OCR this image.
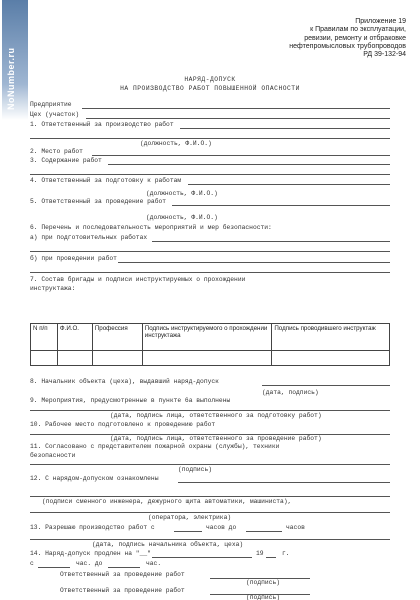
NoNumber.ru
Приложение 19
к Правилам по эксплуатации,
ревизии, ремонту и отбраковке
нефтепромысловых трубопроводов
РД 39-132-94
НАРЯД-ДОПУСК
НА ПРОИЗВОДСТВО РАБОТ ПОВЫШЕННОЙ ОПАСНОСТИ
Предприятие
Цех (участок)
1. Ответственный за производство работ
(должность, Ф.И.О.)
2. Место работ
3. Содержание работ
4. Ответственный за подготовку к работам
(должность, Ф.И.О.)
5. Ответственный за проведение работ
(должность, Ф.И.О.)
6. Перечень и последовательность мероприятий и мер безопасности:
а) при подготовительных работах
б) при проведении работ
7. Состав бригады и подписи инструктируемых о прохождении
инструктажа:
N п/п	Ф.И.О.	Профессия	Подпись инструктируемого о прохождении инструктажа	Подпись проводившего инструктаж

8. Начальник объекта (цеха), выдавший наряд-допуск
(дата, подпись)
9. Мероприятия, предусмотренные в пункте 6а выполнены
(дата, подпись лица, ответственного за подготовку работ)
10. Рабочее место подготовлено к проведению работ
(дата, подпись лица, ответственного за проведение работ)
11. Согласовано с представителем пожарной охраны (службы), техники
безопасности
(подпись)
12. С нарядом-допуском ознакомлены
(подписи сменного инженера, дежурного щита автоматики, машиниста),
(оператора, электрика)
13. Разрешаю производство работ с	часов до	часов
(дата, подпись начальника объекта, цеха)
14. Наряд-допуск продлен на "__"	19	г.
с	час. до	час.
Ответственный за проведение работ
(подпись)
Ответственный за проведение работ
(подпись)
